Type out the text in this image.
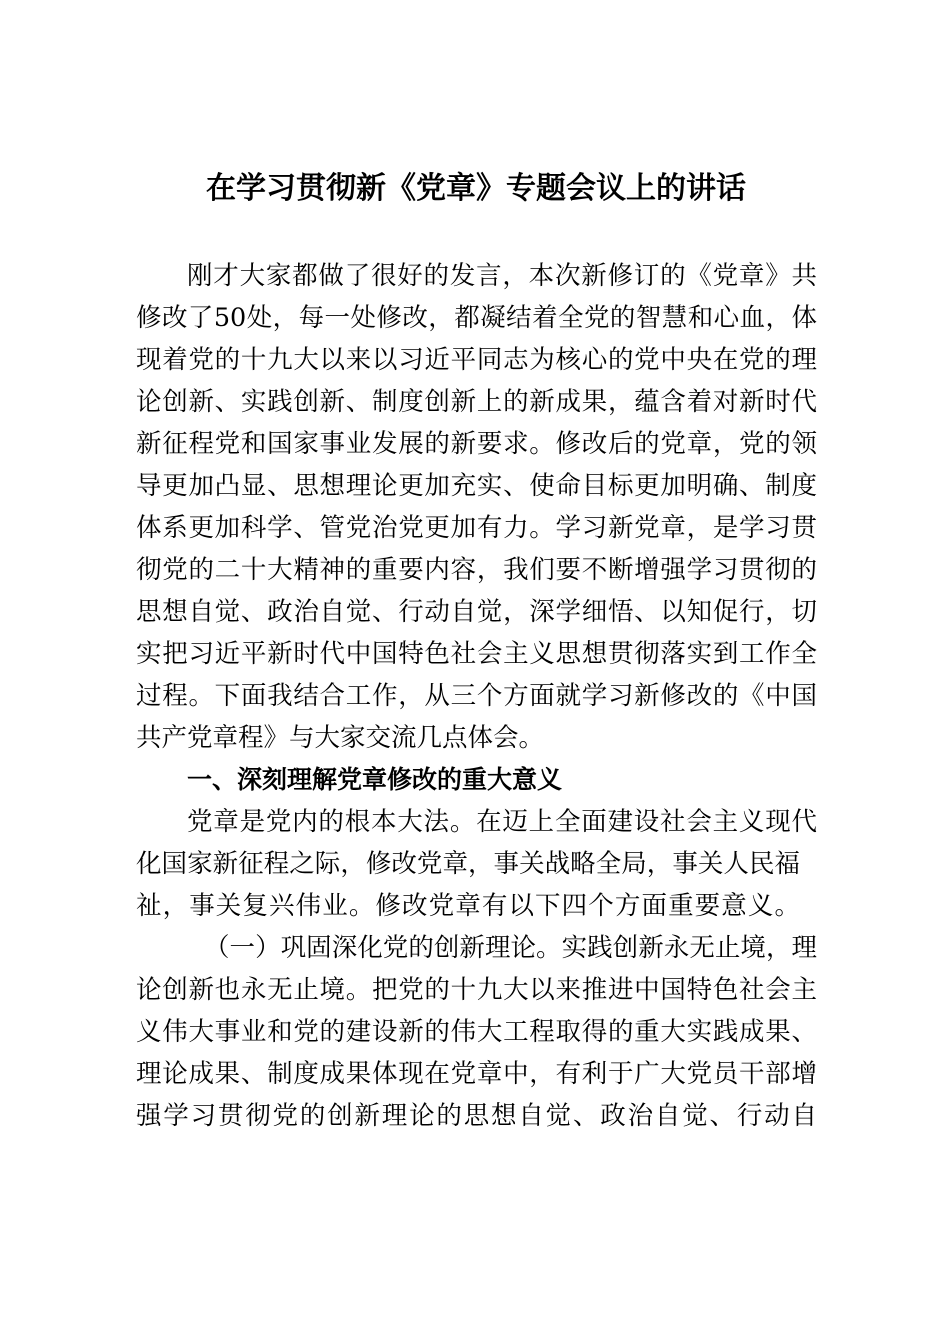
在学习贯彻新《党章》专题会议上的讲话

刚才大家都做了很好的发言，本次新修订的《党章》共

修改了50处，每一处修改，都凝结着全党的智慧和心血，体

现着党的十九大以来以习近平同志为核心的党中央在党的理

论创新、实践创新、制度创新上的新成果，蕴含着对新时代

新征程党和国家事业发展的新要求。修改后的党章，党的领

导更加凸显、思想理论更加充实、使命目标更加明确、制度

体系更加科学、管党治党更加有力。学习新党章，是学习贯

彻党的二十大精神的重要内容，我们要不断增强学习贯彻的

思想自觉、政治自觉、行动自觉，深学细悟、以知促行，切

实把习近平新时代中国特色社会主义思想贯彻落实到工作全

过程。下面我结合工作，从三个方面就学习新修改的《中国

共产党章程》与大家交流几点体会。

一、深刻理解党章修改的重大意义

党章是党内的根本大法。在迈上全面建设社会主义现代

化国家新征程之际，修改党章，事关战略全局，事关人民福

祉，事关复兴伟业。修改党章有以下四个方面重要意义。

（一）巩固深化党的创新理论。实践创新永无止境，理

论创新也永无止境。把党的十九大以来推进中国特色社会主

义伟大事业和党的建设新的伟大工程取得的重大实践成果、

理论成果、制度成果体现在党章中，有利于广大党员干部增

强学习贯彻党的创新理论的思想自觉、政治自觉、行动自
